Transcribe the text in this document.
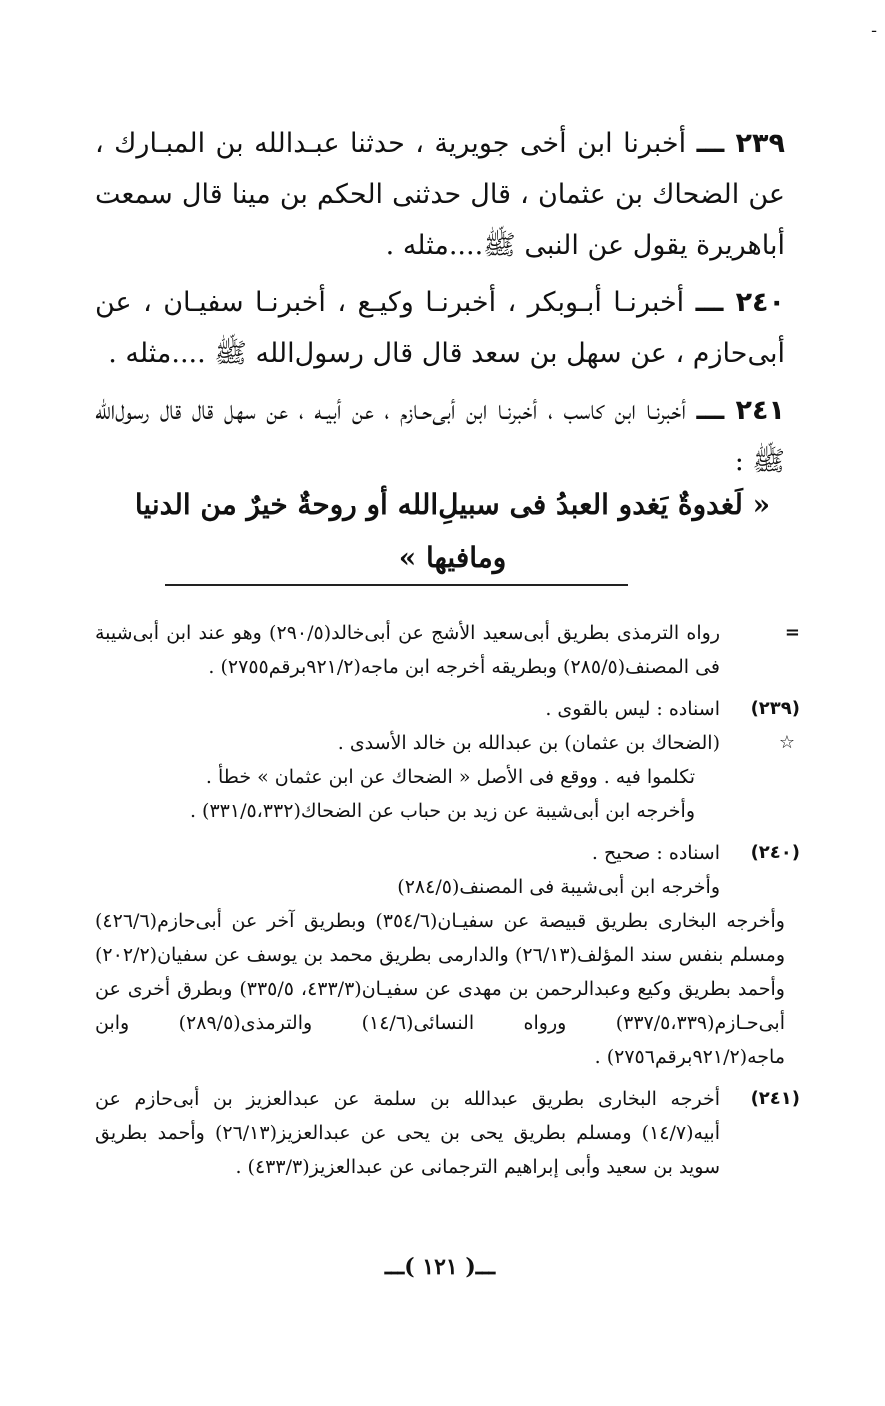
ـ

٢٣٩ ـــ أخبرنا ابن أخى جويرية ، حدثنا عبـدالله بن المبـارك ، عن الضحاك بن عثمان ، قال حدثنى الحكم بن مينا قال سمعت أباهريرة يقول عن النبى ﷺ....مثله .

٢٤٠ ـــ أخبرنـا أبـوبكر ، أخبرنـا وكيـع ، أخبرنـا سفيـان ، عن أبى‌حازم ، عن سهل بن سعد قال قال رسول‌الله ﷺ ....مثله .

٢٤١ ـــ أخبرنـا ابن كاسب ، أخبرنـا ابن أبى‌حـازم ، عن أبيـه ، عن سهل قال قال رسول‌الله ﷺ :

« لَغدوةٌ يَغدو العبدُ فى سبيلِ‌الله أو روحةٌ خيرٌ من الدنيا ومافيها »
=
رواه الترمذى بطريق أبى‌سعيد الأشج عن أبى‌خالد(٢٩٠/٥) وهو عند ابن أبى‌شيبة فى المصنف(٢٨٥/٥) وبطريقه أخرجه ابن ماجه(٩٢١/٢برقم٢٧٥٥) .
(٢٣٩)
اسناده : ليس بالقوى .
☆
(الضحاك بن عثمان) بن عبدالله بن خالد الأسدى .
تكلموا فيه . ووقع فى الأصل « الضحاك عن ابن عثمان » خطأ .
وأخرجه ابن أبى‌شيبة عن زيد بن حباب عن الضحاك(٣٣١/٥،٣٣٢) .
(٢٤٠)
اسناده : صحيح .
وأخرجه ابن أبى‌شيبة فى المصنف(٢٨٤/٥)
وأخرجه البخارى بطريق قبيصة عن سفيـان(٣٥٤/٦) وبطريق آخر عن أبى‌حازم(٤٢٦/٦) ومسلم بنفس سند المؤلف(٢٦/١٣) والدارمى بطريق محمد بن يوسف عن سفيان(٢٠٢/٢) وأحمد بطريق وكيع وعبدالرحمن بن مهدى عن سفيـان(٤٣٣/٣، ٣٣٥/٥) وبطرق أخرى عن أبى‌حـازم(٣٣٧/٥،٣٣٩) ورواه النسائى(١٤/٦) والترمذى(٢٨٩/٥) وابن ماجه(٩٢١/٢برقم٢٧٥٦) .
(٢٤١)
أخرجه البخارى بطريق عبدالله بن سلمة عن عبدالعزيز بن أبى‌حازم عن أبيه(١٤/٧) ومسلم بطريق يحى بن يحى عن عبدالعزيز(٢٦/١٣) وأحمد بطريق سويد بن سعيد وأبى إبراهيم الترجمانى عن عبدالعزيز(٤٣٣/٣) .
ـــ( ١٢١ )ـــ
